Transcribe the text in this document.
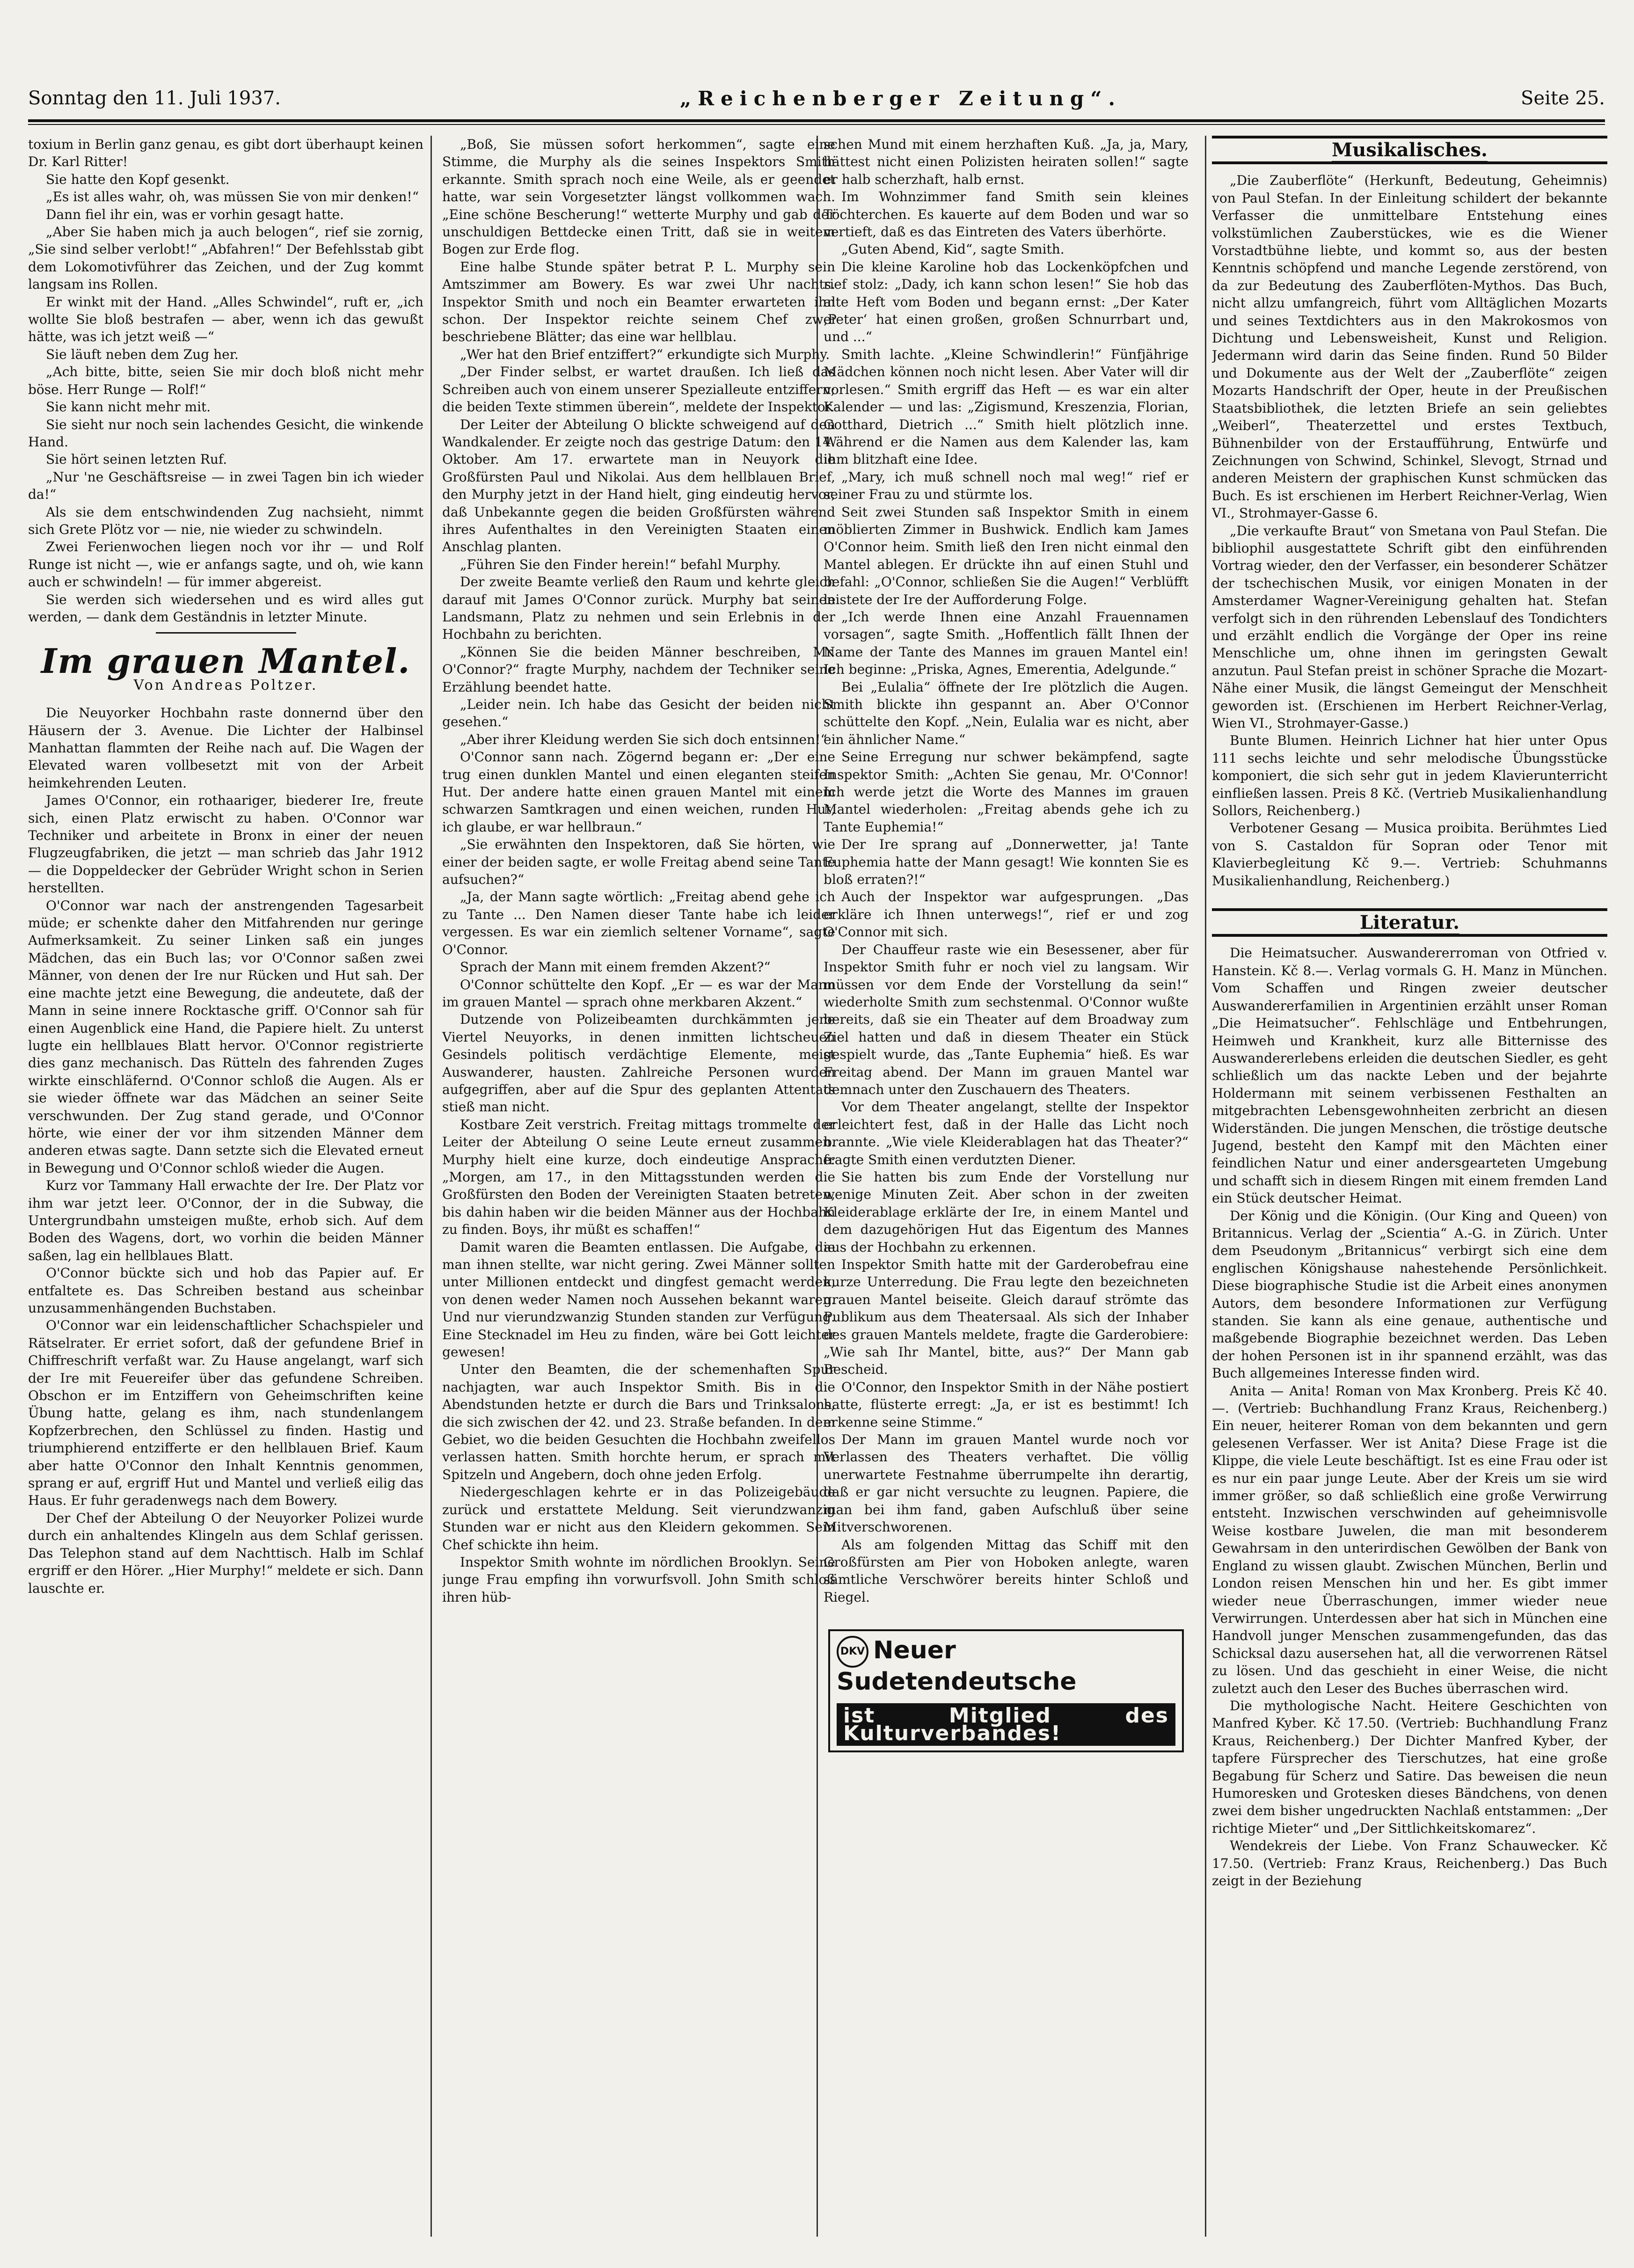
Sonntag den 11. Juli 1937.	„Reichenberger Zeitung“.	Seite 25.

toxium in Berlin ganz genau, es gibt dort überhaupt keinen Dr. Karl Ritter!

Sie hatte den Kopf gesenkt.

„Es ist alles wahr, oh, was müssen Sie von mir denken!“

Dann fiel ihr ein, was er vorhin gesagt hatte.

„Aber Sie haben mich ja auch belogen“, rief sie zornig, „Sie sind selber verlobt!“ „Abfahren!“ Der Befehlsstab gibt dem Lokomotivführer das Zeichen, und der Zug kommt langsam ins Rollen.

Er winkt mit der Hand. „Alles Schwindel“, ruft er, „ich wollte Sie bloß bestrafen — aber, wenn ich das gewußt hätte, was ich jetzt weiß —“

Sie läuft neben dem Zug her.

„Ach bitte, bitte, seien Sie mir doch bloß nicht mehr böse. Herr Runge — Rolf!“

Sie kann nicht mehr mit.

Sie sieht nur noch sein lachendes Gesicht, die winkende Hand.

Sie hört seinen letzten Ruf.

„Nur 'ne Geschäftsreise — in zwei Tagen bin ich wieder da!“

Als sie dem entschwindenden Zug nachsieht, nimmt sich Grete Plötz vor — nie, nie wieder zu schwindeln.

Zwei Ferienwochen liegen noch vor ihr — und Rolf Runge ist nicht —, wie er anfangs sagte, und oh, wie kann auch er schwindeln! — für immer abgereist.

Sie werden sich wiedersehen und es wird alles gut werden, — dank dem Geständnis in letzter Minute.

Im grauen Mantel.
Von Andreas Poltzer.

Die Neuyorker Hochbahn raste donnernd über den Häusern der 3. Avenue. Die Lichter der Halbinsel Manhattan flammten der Reihe nach auf. Die Wagen der Elevated waren vollbesetzt mit von der Arbeit heimkehrenden Leuten.

James O'Connor, ein rothaariger, biederer Ire, freute sich, einen Platz erwischt zu haben. O'Connor war Techniker und arbeitete in Bronx in einer der neuen Flugzeugfabriken, die jetzt — man schrieb das Jahr 1912 — die Doppeldecker der Gebrüder Wright schon in Serien herstellten.

O'Connor war nach der anstrengenden Tagesarbeit müde; er schenkte daher den Mitfahrenden nur geringe Aufmerksamkeit. Zu seiner Linken saß ein junges Mädchen, das ein Buch las; vor O'Connor saßen zwei Männer, von denen der Ire nur Rücken und Hut sah. Der eine machte jetzt eine Bewegung, die andeutete, daß der Mann in seine innere Rocktasche griff. O'Connor sah für einen Augenblick eine Hand, die Papiere hielt. Zu unterst lugte ein hellblaues Blatt hervor. O'Connor registrierte dies ganz mechanisch. Das Rütteln des fahrenden Zuges wirkte einschläfernd. O'Connor schloß die Augen. Als er sie wieder öffnete war das Mädchen an seiner Seite verschwunden. Der Zug stand gerade, und O'Connor hörte, wie einer der vor ihm sitzenden Männer dem anderen etwas sagte. Dann setzte sich die Elevated erneut in Bewegung und O'Connor schloß wieder die Augen.

Kurz vor Tammany Hall erwachte der Ire. Der Platz vor ihm war jetzt leer. O'Connor, der in die Subway, die Untergrundbahn umsteigen mußte, erhob sich. Auf dem Boden des Wagens, dort, wo vorhin die beiden Männer saßen, lag ein hellblaues Blatt.

O'Connor bückte sich und hob das Papier auf. Er entfaltete es. Das Schreiben bestand aus scheinbar unzusammenhängenden Buchstaben.

O'Connor war ein leidenschaftlicher Schachspieler und Rätselrater. Er erriet sofort, daß der gefundene Brief in Chiffreschrift verfaßt war. Zu Hause angelangt, warf sich der Ire mit Feuereifer über das gefundene Schreiben. Obschon er im Entziffern von Geheimschriften keine Übung hatte, gelang es ihm, nach stundenlangem Kopfzerbrechen, den Schlüssel zu finden. Hastig und triumphierend entzifferte er den hellblauen Brief. Kaum aber hatte O'Connor den Inhalt Kenntnis genommen, sprang er auf, ergriff Hut und Mantel und verließ eilig das Haus. Er fuhr geradenwegs nach dem Bowery.

Der Chef der Abteilung O der Neuyorker Polizei wurde durch ein anhaltendes Klingeln aus dem Schlaf gerissen. Das Telephon stand auf dem Nachttisch. Halb im Schlaf ergriff er den Hörer. „Hier Murphy!“ meldete er sich. Dann lauschte er.

„Boß, Sie müssen sofort herkommen“, sagte eine Stimme, die Murphy als die seines Inspektors Smith erkannte. Smith sprach noch eine Weile, als er geendet hatte, war sein Vorgesetzter längst vollkommen wach. „Eine schöne Bescherung!“ wetterte Murphy und gab der unschuldigen Bettdecke einen Tritt, daß sie in weitem Bogen zur Erde flog.

Eine halbe Stunde später betrat P. L. Murphy sein Amtszimmer am Bowery. Es war zwei Uhr nachts. Inspektor Smith und noch ein Beamter erwarteten ihn schon. Der Inspektor reichte seinem Chef zwei beschriebene Blätter; das eine war hellblau.

„Wer hat den Brief entziffert?“ erkundigte sich Murphy.

„Der Finder selbst, er wartet draußen. Ich ließ das Schreiben auch von einem unserer Spezialleute entziffern; die beiden Texte stimmen überein“, meldete der Inspektor.

Der Leiter der Abteilung O blickte schweigend auf den Wandkalender. Er zeigte noch das gestrige Datum: den 14. Oktober. Am 17. erwartete man in Neuyork die Großfürsten Paul und Nikolai. Aus dem hellblauen Brief, den Murphy jetzt in der Hand hielt, ging eindeutig hervor, daß Unbekannte gegen die beiden Großfürsten während ihres Aufenthaltes in den Vereinigten Staaten einen Anschlag planten.

„Führen Sie den Finder herein!“ befahl Murphy.

Der zweite Beamte verließ den Raum und kehrte gleich darauf mit James O'Connor zurück. Murphy bat seinen Landsmann, Platz zu nehmen und sein Erlebnis in der Hochbahn zu berichten.

„Können Sie die beiden Männer beschreiben, Mr. O'Connor?“ fragte Murphy, nachdem der Techniker seine Erzählung beendet hatte.

„Leider nein. Ich habe das Gesicht der beiden nicht gesehen.“

„Aber ihrer Kleidung werden Sie sich doch entsinnen!“

O'Connor sann nach. Zögernd begann er: „Der eine trug einen dunklen Mantel und einen eleganten steifen Hut. Der andere hatte einen grauen Mantel mit einem schwarzen Samtkragen und einen weichen, runden Hut, ich glaube, er war hellbraun.“

„Sie erwähnten den Inspektoren, daß Sie hörten, wie einer der beiden sagte, er wolle Freitag abend seine Tante aufsuchen?“

„Ja, der Mann sagte wörtlich: „Freitag abend gehe ich zu Tante ... Den Namen dieser Tante habe ich leider vergessen. Es war ein ziemlich seltener Vorname“, sagte O'Connor.

Sprach der Mann mit einem fremden Akzent?“

O'Connor schüttelte den Kopf. „Er — es war der Mann im grauen Mantel — sprach ohne merkbaren Akzent.“

Dutzende von Polizeibeamten durchkämmten jene Viertel Neuyorks, in denen inmitten lichtscheuen Gesindels politisch verdächtige Elemente, meist Auswanderer, hausten. Zahlreiche Personen wurden aufgegriffen, aber auf die Spur des geplanten Attentats stieß man nicht.

Kostbare Zeit verstrich. Freitag mittags trommelte der Leiter der Abteilung O seine Leute erneut zusammen. Murphy hielt eine kurze, doch eindeutige Ansprache: „Morgen, am 17., in den Mittagsstunden werden die Großfürsten den Boden der Vereinigten Staaten betreten, bis dahin haben wir die beiden Männer aus der Hochbahn zu finden. Boys, ihr müßt es schaffen!“

Damit waren die Beamten entlassen. Die Aufgabe, die man ihnen stellte, war nicht gering. Zwei Männer sollten unter Millionen entdeckt und dingfest gemacht werden, von denen weder Namen noch Aussehen bekannt waren. Und nur vierundzwanzig Stunden standen zur Verfügung. Eine Stecknadel im Heu zu finden, wäre bei Gott leichter gewesen!

Unter den Beamten, die der schemenhaften Spur nachjagten, war auch Inspektor Smith. Bis in die Abendstunden hetzte er durch die Bars und Trinksalons, die sich zwischen der 42. und 23. Straße befanden. In dem Gebiet, wo die beiden Gesuchten die Hochbahn zweifellos verlassen hatten. Smith horchte herum, er sprach mit Spitzeln und Angebern, doch ohne jeden Erfolg.

Niedergeschlagen kehrte er in das Polizeigebäude zurück und erstattete Meldung. Seit vierundzwanzig Stunden war er nicht aus den Kleidern gekommen. Sein Chef schickte ihn heim.

Inspektor Smith wohnte im nördlichen Brooklyn. Seine junge Frau empfing ihn vorwurfsvoll. John Smith schloß ihren hüb-

schen Mund mit einem herzhaften Kuß. „Ja, ja, Mary, hättest nicht einen Polizisten heiraten sollen!“ sagte er halb scherzhaft, halb ernst.

Im Wohnzimmer fand Smith sein kleines Töchterchen. Es kauerte auf dem Boden und war so vertieft, daß es das Eintreten des Vaters überhörte.

„Guten Abend, Kid“, sagte Smith.

Die kleine Karoline hob das Lockenköpfchen und rief stolz: „Dady, ich kann schon lesen!“ Sie hob das alte Heft vom Boden und begann ernst: „Der Kater ‚Peter‘ hat einen großen, großen Schnurrbart und, und ...“

Smith lachte. „Kleine Schwindlerin!“ Fünfjährige Mädchen können noch nicht lesen. Aber Vater will dir vorlesen.“ Smith ergriff das Heft — es war ein alter Kalender — und las: „Zigismund, Kreszenzia, Florian, Gotthard, Dietrich ...“ Smith hielt plötzlich inne. Während er die Namen aus dem Kalender las, kam ihm blitzhaft eine Idee.

„Mary, ich muß schnell noch mal weg!“ rief er seiner Frau zu und stürmte los.

Seit zwei Stunden saß Inspektor Smith in einem möblierten Zimmer in Bushwick. Endlich kam James O'Connor heim. Smith ließ den Iren nicht einmal den Mantel ablegen. Er drückte ihn auf einen Stuhl und befahl: „O'Connor, schließen Sie die Augen!“ Verblüfft leistete der Ire der Aufforderung Folge.

„Ich werde Ihnen eine Anzahl Frauennamen vorsagen“, sagte Smith. „Hoffentlich fällt Ihnen der Name der Tante des Mannes im grauen Mantel ein! Ich beginne: „Priska, Agnes, Emerentia, Adelgunde.“

Bei „Eulalia“ öffnete der Ire plötzlich die Augen. Smith blickte ihn gespannt an. Aber O'Connor schüttelte den Kopf. „Nein, Eulalia war es nicht, aber ein ähnlicher Name.“

Seine Erregung nur schwer bekämpfend, sagte Inspektor Smith: „Achten Sie genau, Mr. O'Connor! Ich werde jetzt die Worte des Mannes im grauen Mantel wiederholen: „Freitag abends gehe ich zu Tante Euphemia!“

Der Ire sprang auf „Donnerwetter, ja! Tante Euphemia hatte der Mann gesagt! Wie konnten Sie es bloß erraten?!“

Auch der Inspektor war aufgesprungen. „Das erkläre ich Ihnen unterwegs!“, rief er und zog O'Connor mit sich.

Der Chauffeur raste wie ein Besessener, aber für Inspektor Smith fuhr er noch viel zu langsam. Wir müssen vor dem Ende der Vorstellung da sein!“ wiederholte Smith zum sechstenmal. O'Connor wußte bereits, daß sie ein Theater auf dem Broadway zum Ziel hatten und daß in diesem Theater ein Stück gespielt wurde, das „Tante Euphemia“ hieß. Es war Freitag abend. Der Mann im grauen Mantel war demnach unter den Zuschauern des Theaters.

Vor dem Theater angelangt, stellte der Inspektor erleichtert fest, daß in der Halle das Licht noch brannte. „Wie viele Kleiderablagen hat das Theater?“ fragte Smith einen verdutzten Diener.

Sie hatten bis zum Ende der Vorstellung nur wenige Minuten Zeit. Aber schon in der zweiten Kleiderablage erklärte der Ire, in einem Mantel und dem dazugehörigen Hut das Eigentum des Mannes aus der Hochbahn zu erkennen.

Inspektor Smith hatte mit der Garderobefrau eine kurze Unterredung. Die Frau legte den bezeichneten grauen Mantel beiseite. Gleich darauf strömte das Publikum aus dem Theatersaal. Als sich der Inhaber des grauen Mantels meldete, fragte die Garderobiere: „Wie sah Ihr Mantel, bitte, aus?“ Der Mann gab Bescheid.

O'Connor, den Inspektor Smith in der Nähe postiert hatte, flüsterte erregt: „Ja, er ist es bestimmt! Ich erkenne seine Stimme.“

Der Mann im grauen Mantel wurde noch vor Verlassen des Theaters verhaftet. Die völlig unerwartete Festnahme überrumpelte ihn derartig, daß er gar nicht versuchte zu leugnen. Papiere, die man bei ihm fand, gaben Aufschluß über seine Mitverschworenen.

Als am folgenden Mittag das Schiff mit den Großfürsten am Pier von Hoboken anlegte, waren sämtliche Verschwörer bereits hinter Schloß und Riegel.

DKV Neuer Sudetendeutsche
ist Mitglied des Kulturverbandes!
Musikalisches.

„Die Zauberflöte“ (Herkunft, Bedeutung, Geheimnis) von Paul Stefan. In der Einleitung schildert der bekannte Verfasser die unmittelbare Entstehung eines volkstümlichen Zauberstückes, wie es die Wiener Vorstadtbühne liebte, und kommt so, aus der besten Kenntnis schöpfend und manche Legende zerstörend, von da zur Bedeutung des Zauberflöten-Mythos. Das Buch, nicht allzu umfangreich, führt vom Alltäglichen Mozarts und seines Textdichters aus in den Makrokosmos von Dichtung und Lebensweisheit, Kunst und Religion. Jedermann wird darin das Seine finden. Rund 50 Bilder und Dokumente aus der Welt der „Zauberflöte“ zeigen Mozarts Handschrift der Oper, heute in der Preußischen Staatsbibliothek, die letzten Briefe an sein geliebtes „Weiberl“, Theaterzettel und erstes Textbuch, Bühnenbilder von der Erstaufführung, Entwürfe und Zeichnungen von Schwind, Schinkel, Slevogt, Strnad und anderen Meistern der graphischen Kunst schmücken das Buch. Es ist erschienen im Herbert Reichner-Verlag, Wien VI., Strohmayer-Gasse 6.

„Die verkaufte Braut“ von Smetana von Paul Stefan. Die bibliophil ausgestattete Schrift gibt den einführenden Vortrag wieder, den der Verfasser, ein besonderer Schätzer der tschechischen Musik, vor einigen Monaten in der Amsterdamer Wagner-Vereinigung gehalten hat. Stefan verfolgt sich in den rührenden Lebenslauf des Tondichters und erzählt endlich die Vorgänge der Oper ins reine Menschliche um, ohne ihnen im geringsten Gewalt anzutun. Paul Stefan preist in schöner Sprache die Mozart-Nähe einer Musik, die längst Gemeingut der Menschheit geworden ist. (Erschienen im Herbert Reichner-Verlag, Wien VI., Strohmayer-Gasse.)

Bunte Blumen. Heinrich Lichner hat hier unter Opus 111 sechs leichte und sehr melodische Übungsstücke komponiert, die sich sehr gut in jedem Klavierunterricht einfließen lassen. Preis 8 Kč. (Vertrieb Musikalienhandlung Sollors, Reichenberg.)

Verbotener Gesang — Musica proibita. Berühmtes Lied von S. Castaldon für Sopran oder Tenor mit Klavierbegleitung Kč 9.—. Vertrieb: Schuhmanns Musikalienhandlung, Reichenberg.)

Literatur.

Die Heimatsucher. Auswandererroman von Otfried v. Hanstein. Kč 8.—. Verlag vormals G. H. Manz in München. Vom Schaffen und Ringen zweier deutscher Auswandererfamilien in Argentinien erzählt unser Roman „Die Heimatsucher“. Fehlschläge und Entbehrungen, Heimweh und Krankheit, kurz alle Bitternisse des Auswandererlebens erleiden die deutschen Siedler, es geht schließlich um das nackte Leben und der bejahrte Holdermann mit seinem verbissenen Festhalten an mitgebrachten Lebensgewohnheiten zerbricht an diesen Widerständen. Die jungen Menschen, die tröstige deutsche Jugend, besteht den Kampf mit den Mächten einer feindlichen Natur und einer andersgearteten Umgebung und schafft sich in diesem Ringen mit einem fremden Land ein Stück deutscher Heimat.

Der König und die Königin. (Our King and Queen) von Britannicus. Verlag der „Scientia“ A.-G. in Zürich. Unter dem Pseudonym „Britannicus“ verbirgt sich eine dem englischen Königshause nahestehende Persönlichkeit. Diese biographische Studie ist die Arbeit eines anonymen Autors, dem besondere Informationen zur Verfügung standen. Sie kann als eine genaue, authentische und maßgebende Biographie bezeichnet werden. Das Leben der hohen Personen ist in ihr spannend erzählt, was das Buch allgemeines Interesse finden wird.

Anita — Anita! Roman von Max Kronberg. Preis Kč 40.—. (Vertrieb: Buchhandlung Franz Kraus, Reichenberg.) Ein neuer, heiterer Roman von dem bekannten und gern gelesenen Verfasser. Wer ist Anita? Diese Frage ist die Klippe, die viele Leute beschäftigt. Ist es eine Frau oder ist es nur ein paar junge Leute. Aber der Kreis um sie wird immer größer, so daß schließlich eine große Verwirrung entsteht. Inzwischen verschwinden auf geheimnisvolle Weise kostbare Juwelen, die man mit besonderem Gewahrsam in den unterirdischen Gewölben der Bank von England zu wissen glaubt. Zwischen München, Berlin und London reisen Menschen hin und her. Es gibt immer wieder neue Überraschungen, immer wieder neue Verwirrungen. Unterdessen aber hat sich in München eine Handvoll junger Menschen zusammengefunden, das das Schicksal dazu ausersehen hat, all die verworrenen Rätsel zu lösen. Und das geschieht in einer Weise, die nicht zuletzt auch den Leser des Buches überraschen wird.

Die mythologische Nacht. Heitere Geschichten von Manfred Kyber. Kč 17.50. (Vertrieb: Buchhandlung Franz Kraus, Reichenberg.) Der Dichter Manfred Kyber, der tapfere Fürsprecher des Tierschutzes, hat eine große Begabung für Scherz und Satire. Das beweisen die neun Humoresken und Grotesken dieses Bändchens, von denen zwei dem bisher ungedruckten Nachlaß entstammen: „Der richtige Mieter“ und „Der Sittlichkeitskomarez“.

Wendekreis der Liebe. Von Franz Schauwecker. Kč 17.50. (Vertrieb: Franz Kraus, Reichenberg.) Das Buch zeigt in der Beziehung
